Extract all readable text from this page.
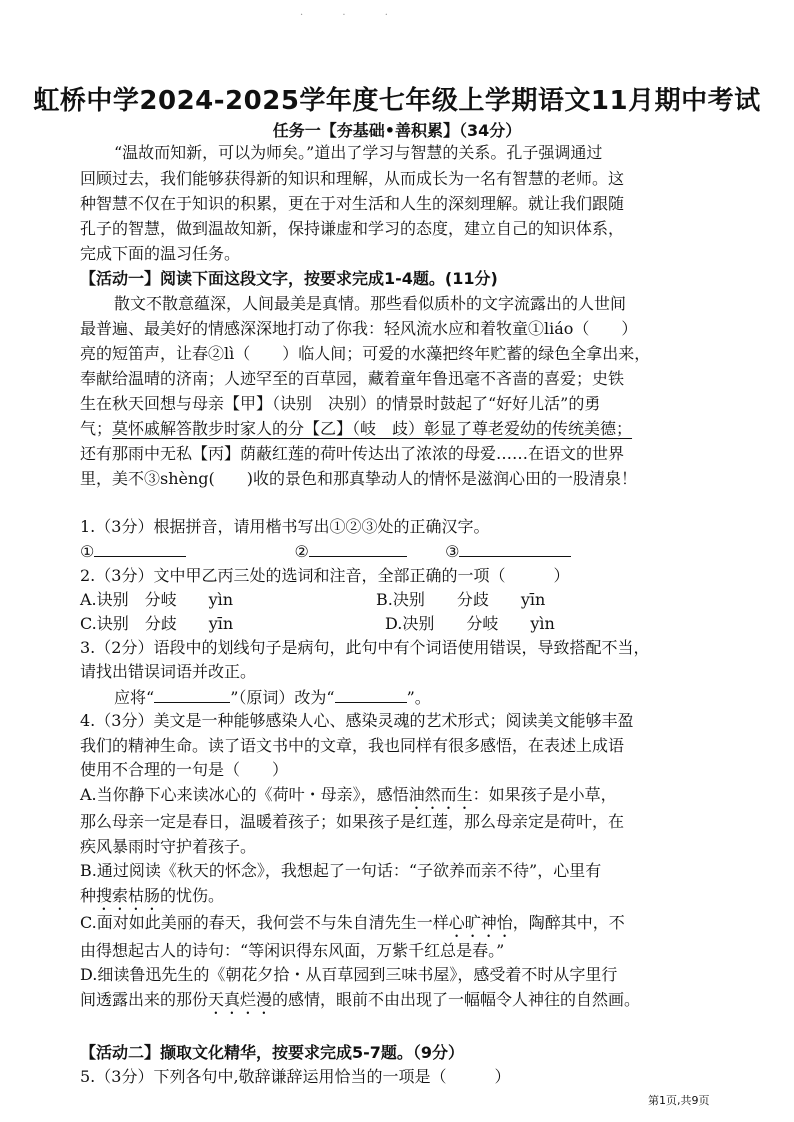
· · ·
虹桥中学2024-2025学年度七年级上学期语文11月期中考试
任务一【夯基础•善积累】（34分）
“温故而知新，可以为师矣。”道出了学习与智慧的关系。孔子强调通过
回顾过去，我们能够获得新的知识和理解，从而成长为一名有智慧的老师。这
种智慧不仅在于知识的积累，更在于对生活和人生的深刻理解。就让我们跟随
孔子的智慧，做到温故知新，保持谦虚和学习的态度，建立自己的知识体系，
完成下面的温习任务。
【活动一】阅读下面这段文字，按要求完成1-4题。(11分)
散文不散意蕴深，人间最美是真情。那些看似质朴的文字流露出的人世间
最普遍、最美好的情感深深地打动了你我：轻风流水应和着牧童①liáo（　　）
亮的短笛声，让春②lì（　　）临人间；可爱的水藻把终年贮蓄的绿色全拿出来，
奉献给温晴的济南；人迹罕至的百草园，藏着童年鲁迅毫不吝啬的喜爱；史铁
生在秋天回想与母亲【甲】（诀别　决别）的情景时鼓起了“好好儿活”的勇
气；莫怀戚解答散步时家人的分【乙】（岐　歧）彰显了尊老爱幼的传统美德；
还有那雨中无私【丙】荫蔽红莲的荷叶传达出了浓浓的母爱……在语文的世界
里，美不③shèng(　　)收的景色和那真挚动人的情怀是滋润心田的一股清泉！
1.（3分）根据拼音，请用楷书写出①②③处的正确汉字。
①	②	③
2.（3分）文中甲乙丙三处的选词和注音，全部正确的一项（　　　）
A.诀别　分岐　　yìn	B.决别　　分歧　　yīn
C.诀别　分歧　　yīn	D.决别　　分岐　　yìn
3.（2分）语段中的划线句子是病句，此句中有个词语使用错误，导致搭配不当，
请找出错误词语并改正。
应将“	”（原词）改为“	”。
4.（3分）美文是一种能够感染人心、感染灵魂的艺术形式；阅读美文能够丰盈
我们的精神生命。读了语文书中的文章，我也同样有很多感悟，在表述上成语
使用不合理的一句是（　　）
A.当你静下心来读冰心的《荷叶・母亲》，感悟油然而生：如果孩子是小草，
那么母亲一定是春日，温暖着孩子；如果孩子是红莲，那么母亲定是荷叶，在
疾风暴雨时守护着孩子。
B.通过阅读《秋天的怀念》，我想起了一句话：“子欲养而亲不待”，心里有
种搜索枯肠的忧伤。
C.面对如此美丽的春天，我何尝不与朱自清先生一样心旷神怡，陶醉其中，不
由得想起古人的诗句：“等闲识得东风面，万紫千红总是春。”
D.细读鲁迅先生的《朝花夕拾・从百草园到三味书屋》，感受着不时从字里行
间透露出来的那份天真烂漫的感情，眼前不由出现了一幅幅令人神往的自然画。
【活动二】撷取文化精华，按要求完成5-7题。（9分）
5.（3分）下列各句中,敬辞谦辞运用恰当的一项是（　　　）
第1页,共9页
